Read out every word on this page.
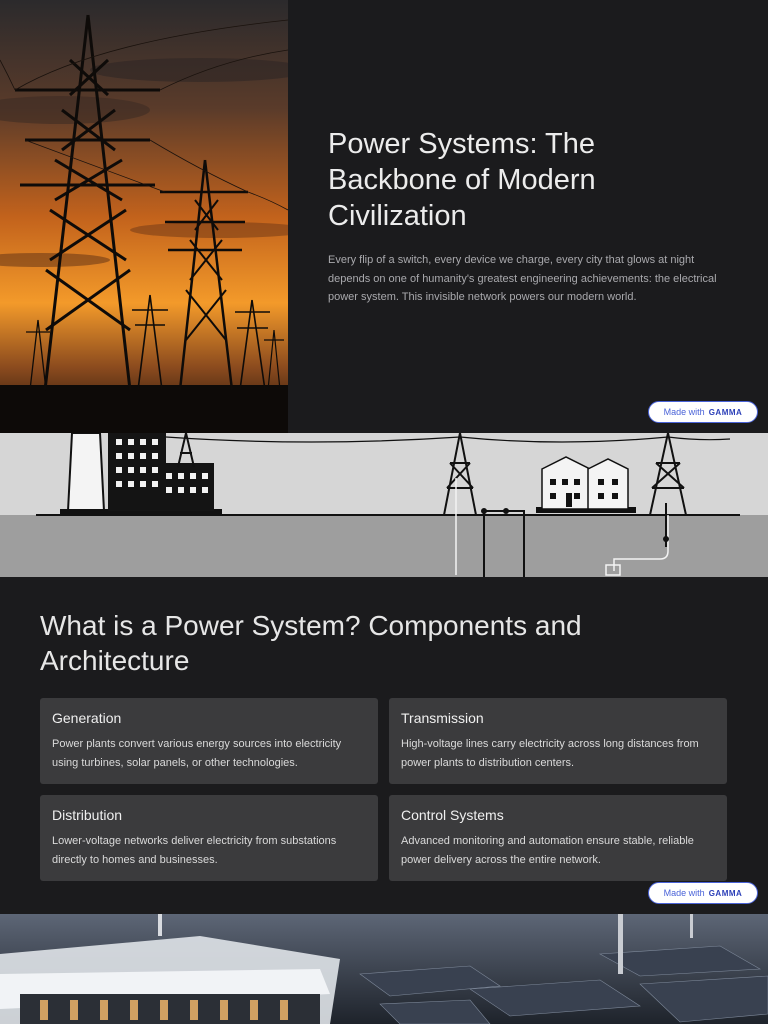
Power Systems: The Backbone of Modern Civilization

Every flip of a switch, every device we charge, every city that glows at night depends on one of humanity's greatest engineering achievements: the electrical power system. This invisible network powers our modern world.

Made with GAMMA
What is a Power System? Components and Architecture
Generation

Power plants convert various energy sources into electricity using turbines, solar panels, or other technologies.

Transmission

High-voltage lines carry electricity across long distances from power plants to distribution centers.

Distribution

Lower-voltage networks deliver electricity from substations directly to homes and businesses.

Control Systems

Advanced monitoring and automation ensure stable, reliable power delivery across the entire network.

Made with GAMMA
